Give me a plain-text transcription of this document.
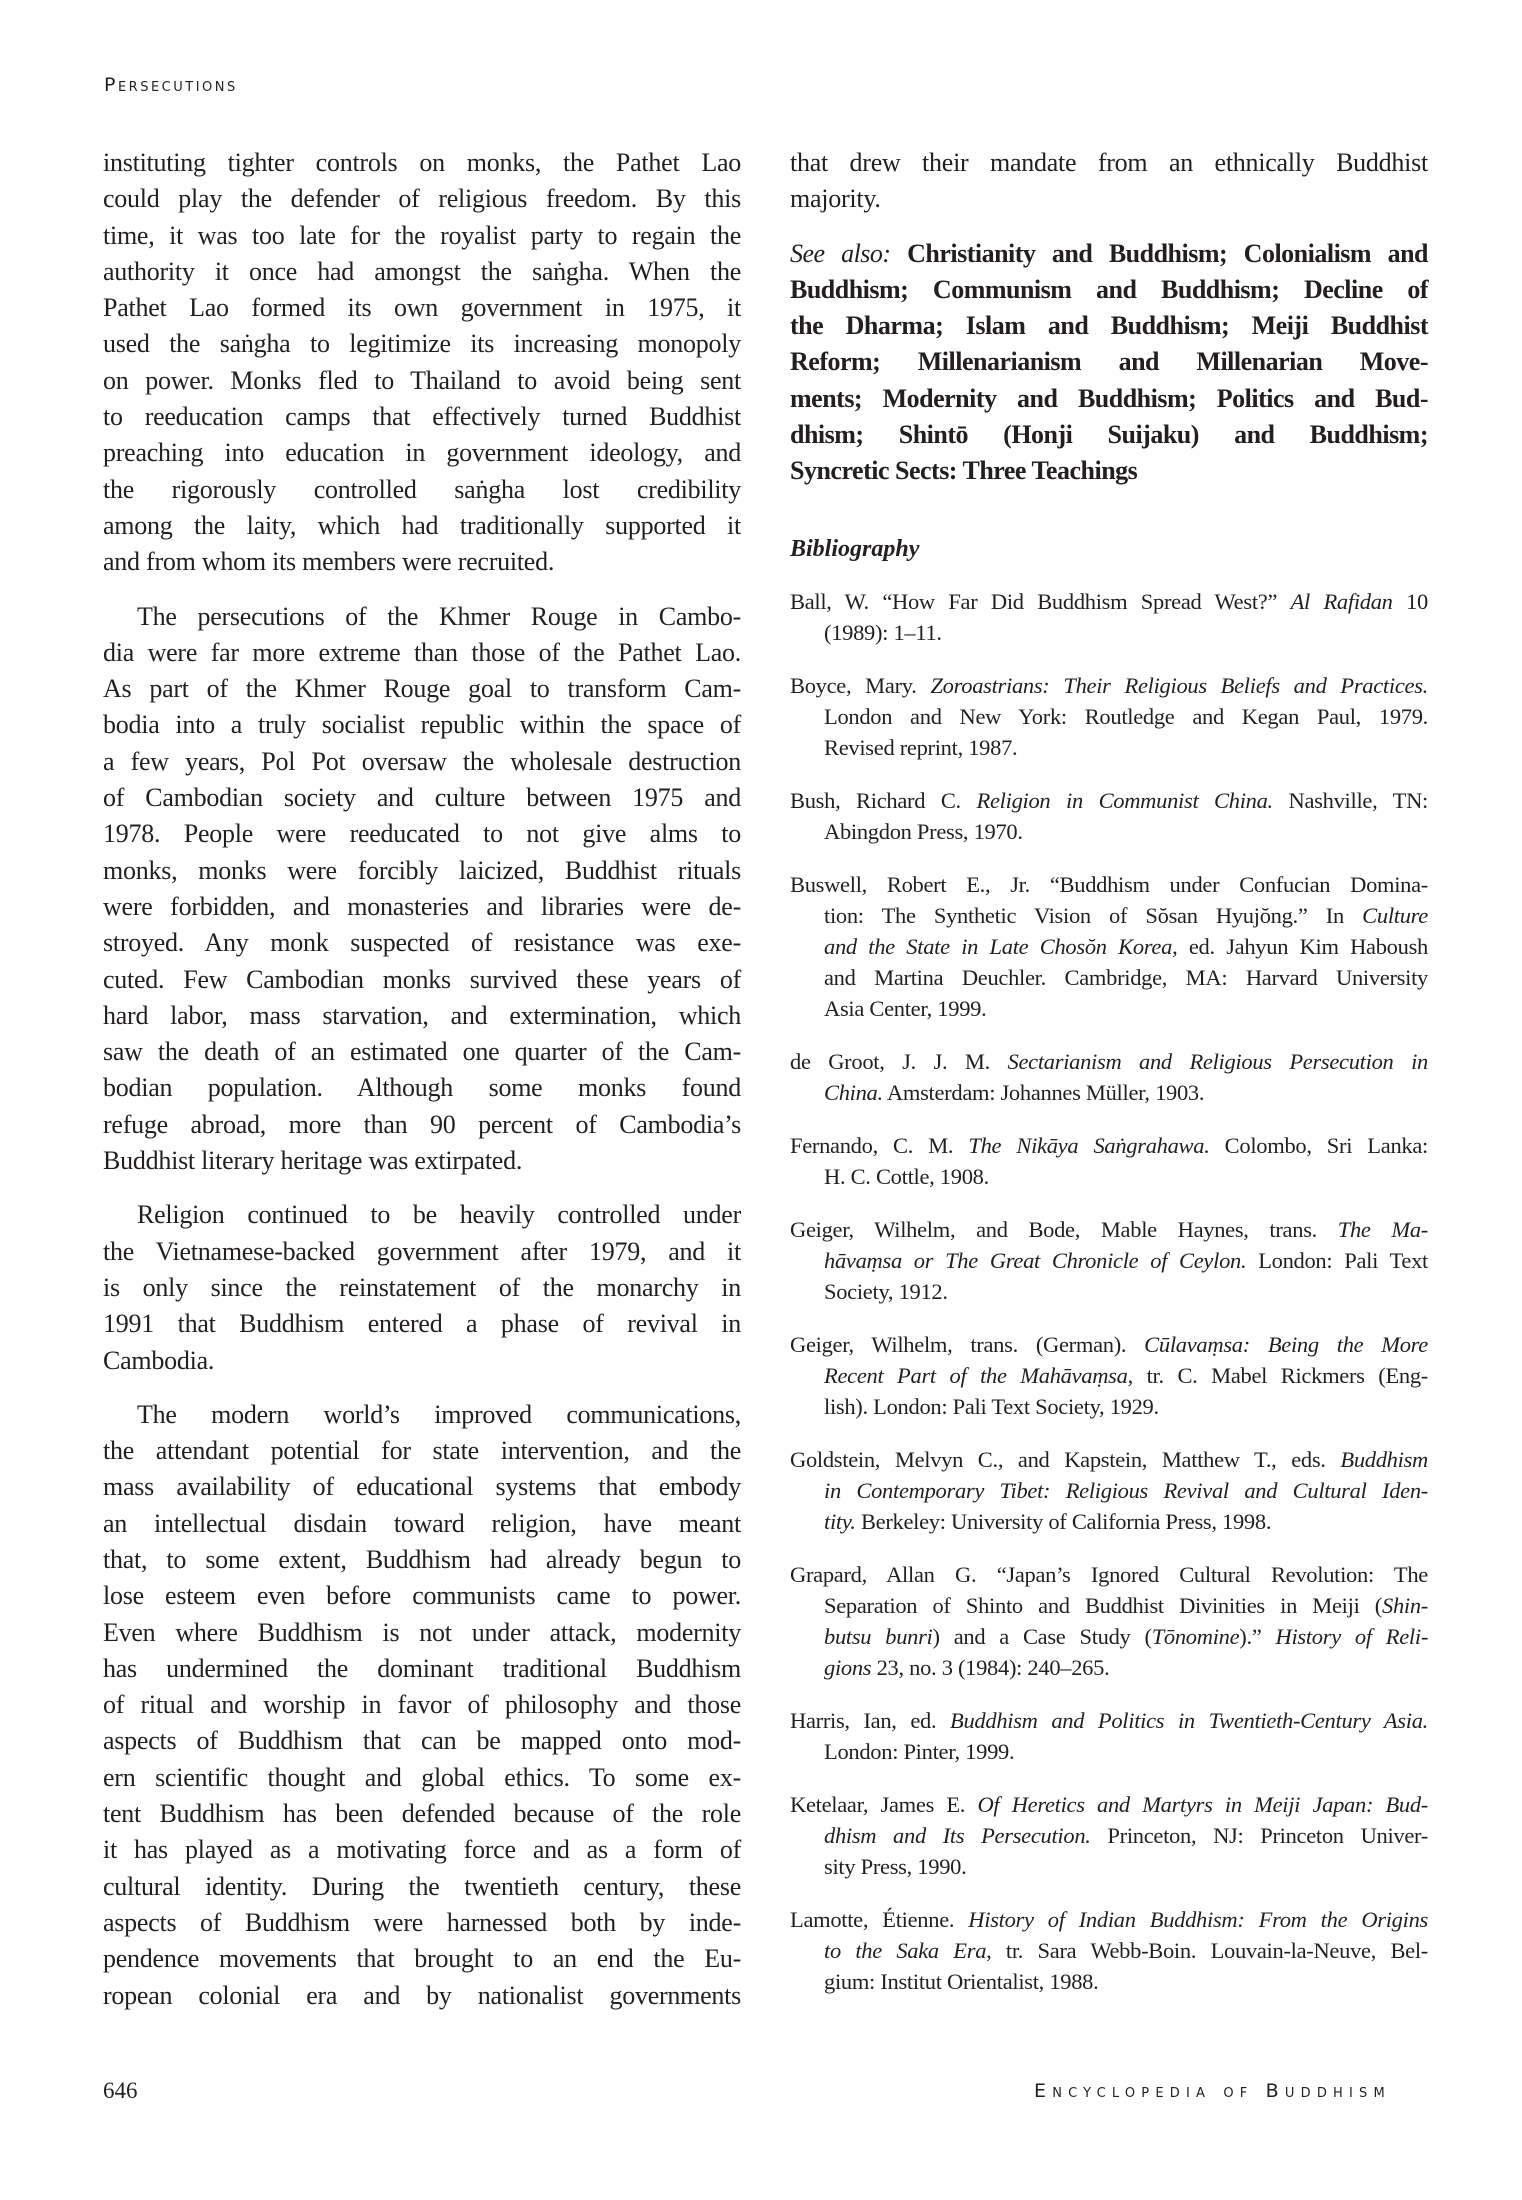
Persecutions
instituting tighter controls on monks, the Pathet Lao
could play the defender of religious freedom. By this
time, it was too late for the royalist party to regain the
authority it once had amongst the saṅgha. When the
Pathet Lao formed its own government in 1975, it
used the saṅgha to legitimize its increasing monopoly
on power. Monks fled to Thailand to avoid being sent
to reeducation camps that effectively turned Buddhist
preaching into education in government ideology, and
the rigorously controlled saṅgha lost credibility
among the laity, which had traditionally supported it
and from whom its members were recruited.
The persecutions of the Khmer Rouge in Cambo-
dia were far more extreme than those of the Pathet Lao.
As part of the Khmer Rouge goal to transform Cam-
bodia into a truly socialist republic within the space of
a few years, Pol Pot oversaw the wholesale destruction
of Cambodian society and culture between 1975 and
1978. People were reeducated to not give alms to
monks, monks were forcibly laicized, Buddhist rituals
were forbidden, and monasteries and libraries were de-
stroyed. Any monk suspected of resistance was exe-
cuted. Few Cambodian monks survived these years of
hard labor, mass starvation, and extermination, which
saw the death of an estimated one quarter of the Cam-
bodian population. Although some monks found
refuge abroad, more than 90 percent of Cambodia’s
Buddhist literary heritage was extirpated.
Religion continued to be heavily controlled under
the Vietnamese-backed government after 1979, and it
is only since the reinstatement of the monarchy in
1991 that Buddhism entered a phase of revival in
Cambodia.
The modern world’s improved communications,
the attendant potential for state intervention, and the
mass availability of educational systems that embody
an intellectual disdain toward religion, have meant
that, to some extent, Buddhism had already begun to
lose esteem even before communists came to power.
Even where Buddhism is not under attack, modernity
has undermined the dominant traditional Buddhism
of ritual and worship in favor of philosophy and those
aspects of Buddhism that can be mapped onto mod-
ern scientific thought and global ethics. To some ex-
tent Buddhism has been defended because of the role
it has played as a motivating force and as a form of
cultural identity. During the twentieth century, these
aspects of Buddhism were harnessed both by inde-
pendence movements that brought to an end the Eu-
ropean colonial era and by nationalist governments
that drew their mandate from an ethnically Buddhist
majority.
See also: Christianity and Buddhism; Colonialism and
Buddhism; Communism and Buddhism; Decline of
the Dharma; Islam and Buddhism; Meiji Buddhist
Reform; Millenarianism and Millenarian Move-
ments; Modernity and Buddhism; Politics and Bud-
dhism; Shintō (Honji Suijaku) and Buddhism;
Syncretic Sects: Three Teachings
Bibliography
Ball, W. “How Far Did Buddhism Spread West?” Al Rafidan 10
(1989): 1–11.
Boyce, Mary. Zoroastrians: Their Religious Beliefs and Practices.
London and New York: Routledge and Kegan Paul, 1979.
Revised reprint, 1987.
Bush, Richard C. Religion in Communist China. Nashville, TN:
Abingdon Press, 1970.
Buswell, Robert E., Jr. “Buddhism under Confucian Domina-
tion: The Synthetic Vision of Sŏsan Hyujŏng.” In Culture
and the State in Late Chosŏn Korea, ed. Jahyun Kim Haboush
and Martina Deuchler. Cambridge, MA: Harvard University
Asia Center, 1999.
de Groot, J. J. M. Sectarianism and Religious Persecution in
China. Amsterdam: Johannes Müller, 1903.
Fernando, C. M. The Nikāya Saṅgrahawa. Colombo, Sri Lanka:
H. C. Cottle, 1908.
Geiger, Wilhelm, and Bode, Mable Haynes, trans. The Ma-
hāvaṃsa or The Great Chronicle of Ceylon. London: Pali Text
Society, 1912.
Geiger, Wilhelm, trans. (German). Cūlavaṃsa: Being the More
Recent Part of the Mahāvaṃsa, tr. C. Mabel Rickmers (Eng-
lish). London: Pali Text Society, 1929.
Goldstein, Melvyn C., and Kapstein, Matthew T., eds. Buddhism
in Contemporary Tibet: Religious Revival and Cultural Iden-
tity. Berkeley: University of California Press, 1998.
Grapard, Allan G. “Japan’s Ignored Cultural Revolution: The
Separation of Shinto and Buddhist Divinities in Meiji (Shin-
butsu bunri) and a Case Study (Tōnomine).” History of Reli-
gions 23, no. 3 (1984): 240–265.
Harris, Ian, ed. Buddhism and Politics in Twentieth-Century Asia.
London: Pinter, 1999.
Ketelaar, James E. Of Heretics and Martyrs in Meiji Japan: Bud-
dhism and Its Persecution. Princeton, NJ: Princeton Univer-
sity Press, 1990.
Lamotte, Étienne. History of Indian Buddhism: From the Origins
to the Saka Era, tr. Sara Webb-Boin. Louvain-la-Neuve, Bel-
gium: Institut Orientalist, 1988.
646	Encyclopedia of Buddhism
